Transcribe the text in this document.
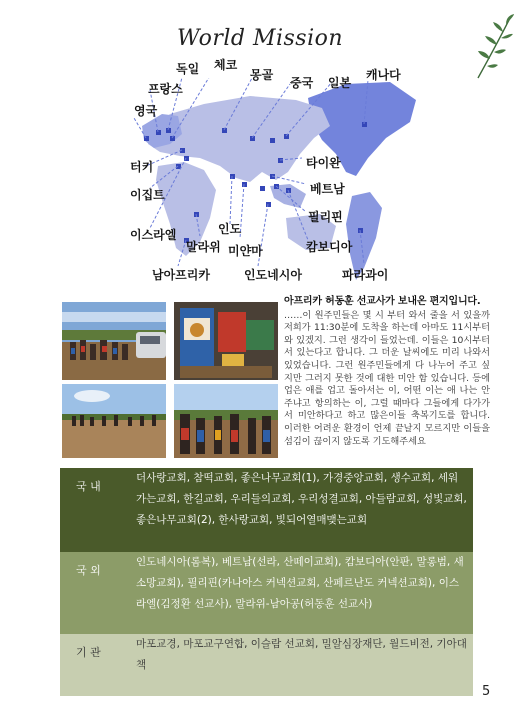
World Mission
독일 체코
몽골
중국 일본
캐나다
프랑스
영국
터키
이집트
타이완
베트남
필리핀
이스라엘	인도
말라위 미얀마	캄보디아
남아프리카	인도네시아	파라과이
아프리카 허동훈 선교사가 보내온 편지입니다.
……이 원주민들은 몇 시 부터 와서 줄을 서 있을까 저희가 11:30분에 도착을 하는데 아마도 11시부터 와 있겠지. 그런 생각이 들었는데. 이들은 10시부터 서 있는다고 합니다. 그 더운 날씨에도 미리 나와서 있었습니다. 그런 원주민들에게 다 나누어 주고 싶지만 그러지 못한 것에 대한 미안 함 있습니다. 등에 업은 애를 업고 돌아서는 이, 어떤 이는 애 나는 안주냐고 항의하는 이, 그럴 때마다 그들에게 다가가서 미안하다고 하고 많은이들 축복기도를 합니다. 이러한 어려운 환경이 언제 끝날지 모르지만 이들을 섬김이 끊이지 않도록 기도해주세요
국 내
더사랑교회, 참떡교회, 좋은나무교회(1), 가경중앙교회, 생수교회, 세워가는교회, 한길교회, 우리들의교회, 우리성결교회, 아들람교회, 성빛교회, 좋은나무교회(2), 한사랑교회, 빛되어열매맺는교회
국 외
인도네시아(롬복), 베트남(선라, 산떼이교회), 캄보디아(안판, 말롱범, 새소망교회), 필리핀(카나아스 커넥션교회, 산페르난도 커넥션교회), 이스라엘(김정환 선교사), 말라위-남아공(허동훈 선교사)
기 관
마포교경, 마포교구연합, 이슬람 선교회, 밀알심장재단, 월드비전, 기아대책
5
